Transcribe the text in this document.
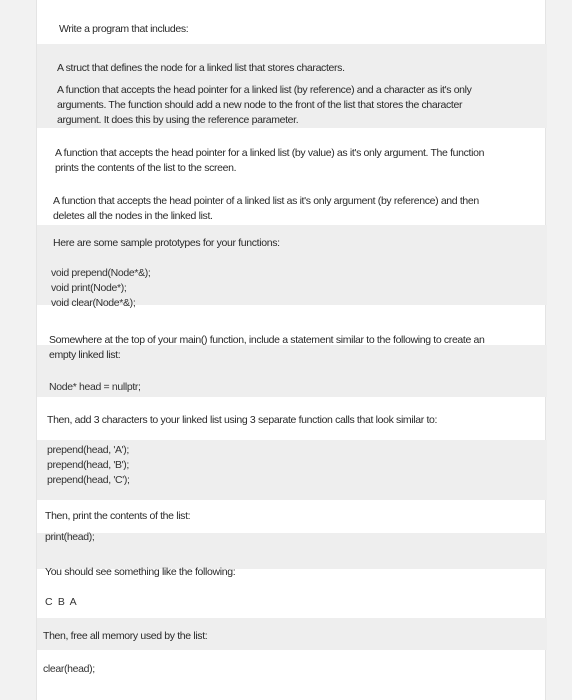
Write a program that includes:
A struct that defines the node for a linked list that stores characters.
A function that accepts the head pointer for a linked list (by reference) and a character as it's only
arguments. The function should add a new node to the front of the list that stores the character
argument. It does this by using the reference parameter.
A function that accepts the head pointer for a linked list (by value) as it's only argument. The function
prints the contents of the list to the screen.
A function that accepts the head pointer of a linked list as it's only argument (by reference) and then
deletes all the nodes in the linked list.
Here are some sample prototypes for your functions:
void prepend(Node*&);
void print(Node*);
void clear(Node*&);
Somewhere at the top of your main() function, include a statement similar to the following to create an
empty linked list:
Node* head = nullptr;
Then, add 3 characters to your linked list using 3 separate function calls that look similar to:
prepend(head, 'A');
prepend(head, 'B');
prepend(head, 'C');
Then, print the contents of the list:
print(head);
You should see something like the following:
C B A
Then, free all memory used by the list:
clear(head);
